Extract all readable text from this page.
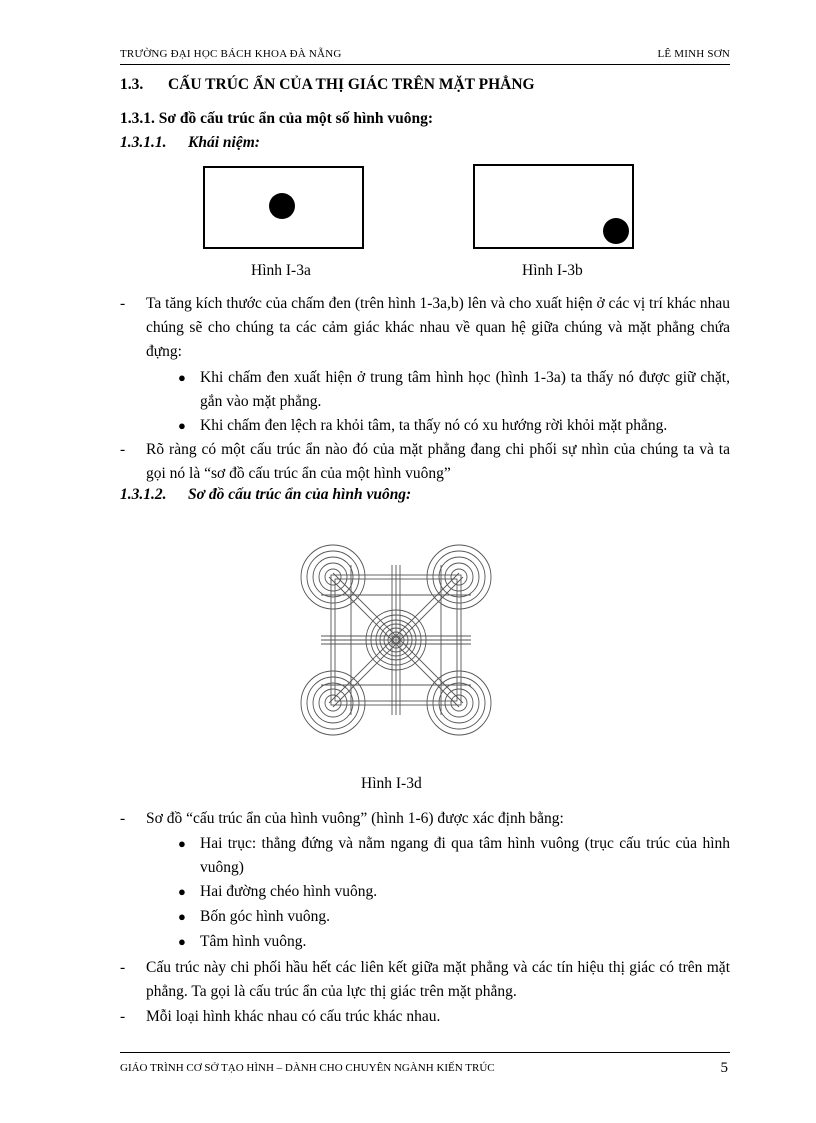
TRƯỜNG ĐẠI HỌC BÁCH KHOA ĐÀ NẴNG	LÊ MINH SƠN
1.3. CẤU TRÚC ẨN CỦA THỊ GIÁC TRÊN MẶT PHẲNG
1.3.1. Sơ đồ cấu trúc ẩn của một số hình vuông:
1.3.1.1. Khái niệm:
Hình I-3a	Hình I-3b
- Ta tăng kích thước của chấm đen (trên hình 1-3a,b) lên và cho xuất hiện ở các vị trí khác nhau chúng sẽ cho chúng ta các cảm giác khác nhau về quan hệ giữa chúng và mặt phẳng chứa đựng:
● Khi chấm đen xuất hiện ở trung tâm hình học (hình 1-3a) ta thấy nó được giữ chặt, gắn vào mặt phẳng.
● Khi chấm đen lệch ra khỏi tâm, ta thấy nó có xu hướng rời khỏi mặt phẳng.
- Rõ ràng có một cấu trúc ẩn nào đó của mặt phẳng đang chi phối sự nhìn của chúng ta và ta gọi nó là “sơ đồ cấu trúc ẩn của một hình vuông”
1.3.1.2. Sơ đồ cấu trúc ẩn của hình vuông:
Hình I-3d
- Sơ đồ “cấu trúc ẩn của hình vuông” (hình 1-6) được xác định bằng:
● Hai trục: thẳng đứng và nằm ngang đi qua tâm hình vuông (trục cấu trúc của hình vuông)
● Hai đường chéo hình vuông.
● Bốn góc hình vuông.
● Tâm hình vuông.
- Cấu trúc này chi phối hầu hết các liên kết giữa mặt phẳng và các tín hiệu thị giác có trên mặt phẳng. Ta gọi là cấu trúc ẩn của lực thị giác trên mặt phẳng.
- Mỗi loại hình khác nhau có cấu trúc khác nhau.
GIÁO TRÌNH CƠ SỞ TẠO HÌNH – DÀNH CHO CHUYÊN NGÀNH KIẾN TRÚC	5
